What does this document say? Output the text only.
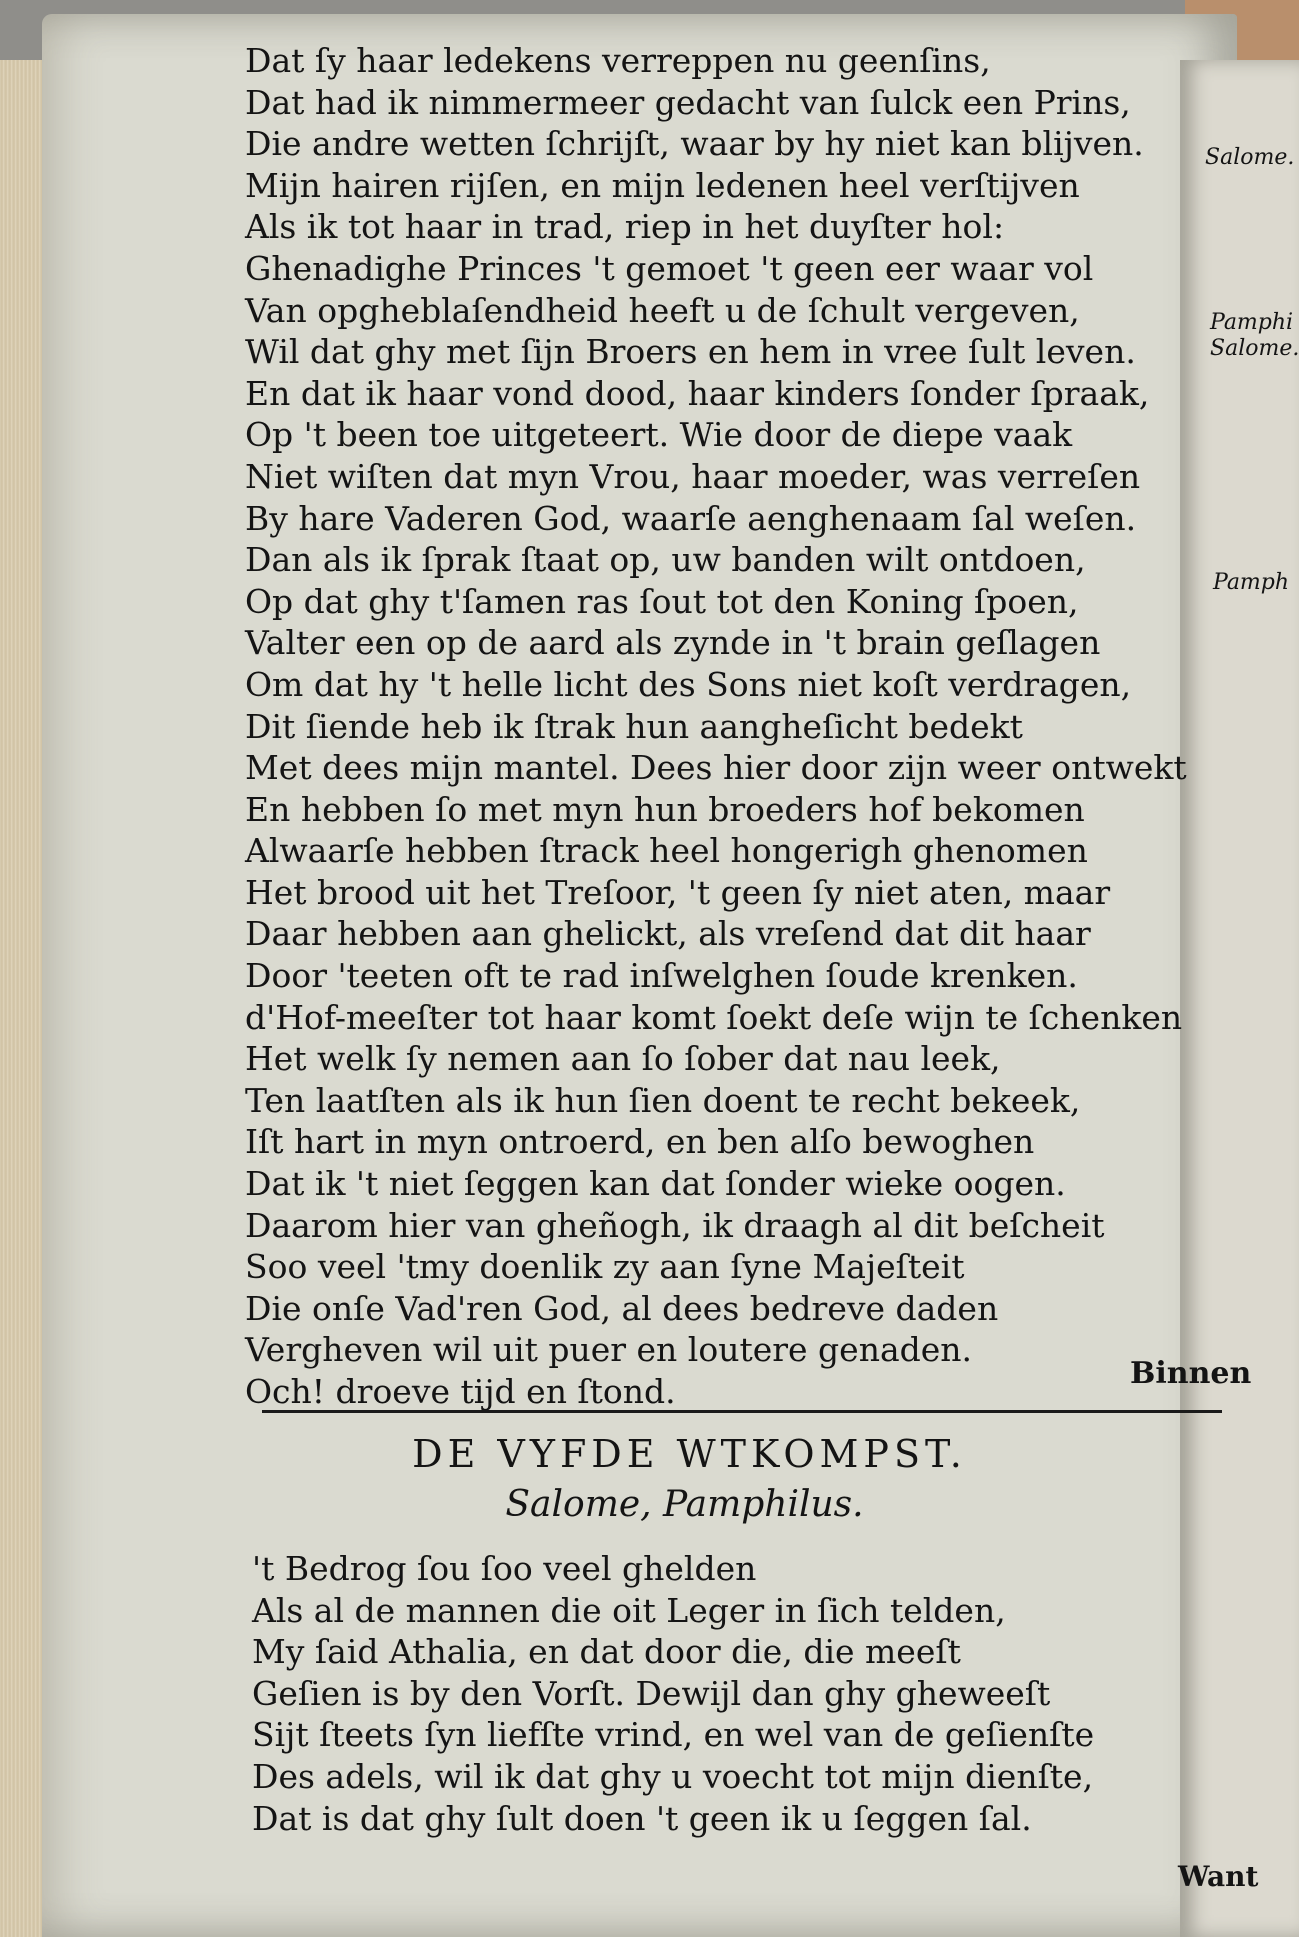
Salome.
Pamphi
Salome.
Pamph
Dat ſy haar ledekens verreppen nu geenſins,
Dat had ik nimmermeer gedacht van ſulck een Prins,
Die andre wetten ſchrijſt, waar by hy niet kan blijven.
Mijn hairen rijſen, en mijn ledenen heel verſtijven
Als ik tot haar in trad, riep in het duyſter hol:
Ghenadighe Princes 't gemoet 't geen eer waar vol
Van opgheblaſendheid heeft u de ſchult vergeven,
Wil dat ghy met ſijn Broers en hem in vree ſult leven.
En dat ik haar vond dood, haar kinders ſonder ſpraak,
Op 't been toe uitgeteert. Wie door de diepe vaak
Niet wiſten dat myn Vrou, haar moeder, was verreſen
By hare Vaderen God, waarſe aenghenaam ſal weſen.
Dan als ik ſprak ſtaat op, uw banden wilt ontdoen,
Op dat ghy t'ſamen ras ſout tot den Koning ſpoen,
Valter een op de aard als zynde in 't brain geſlagen
Om dat hy 't helle licht des Sons niet koſt verdragen,
Dit ſiende heb ik ſtrak hun aangheſicht bedekt
Met dees mijn mantel. Dees hier door zijn weer ontwekt
En hebben ſo met myn hun broeders hof bekomen
Alwaarſe hebben ſtrack heel hongerigh ghenomen
Het brood uit het Treſoor, 't geen ſy niet aten, maar
Daar hebben aan ghelickt, als vreſend dat dit haar
Door 'teeten oft te rad inſwelghen ſoude krenken.
d'Hof-meeſter tot haar komt ſoekt deſe wijn te ſchenken
Het welk ſy nemen aan ſo ſober dat nau leek,
Ten laatſten als ik hun ſien doent te recht bekeek,
Iſt hart in myn ontroerd, en ben alſo bewoghen
Dat ik 't niet ſeggen kan dat ſonder wieke oogen.
Daarom hier van gheñogh, ik draagh al dit beſcheit
Soo veel 'tmy doenlik zy aan ſyne Majeſteit
Die onſe Vad'ren God, al dees bedreve daden
Vergheven wil uit puer en loutere genaden.
Och! droeve tijd en ſtond.	Binnen
DE VYFDE WTKOMPST.
Salome, Pamphilus.
't Bedrog ſou ſoo veel ghelden
Als al de mannen die oit Leger in ſich telden,
My ſaid Athalia, en dat door die, die meeſt
Geſien is by den Vorſt. Dewijl dan ghy gheweeſt
Sijt ſteets ſyn liefſte vrind, en wel van de geſienſte
Des adels, wil ik dat ghy u voecht tot mijn dienſte,
Dat is dat ghy ſult doen 't geen ik u ſeggen ſal.
Want
